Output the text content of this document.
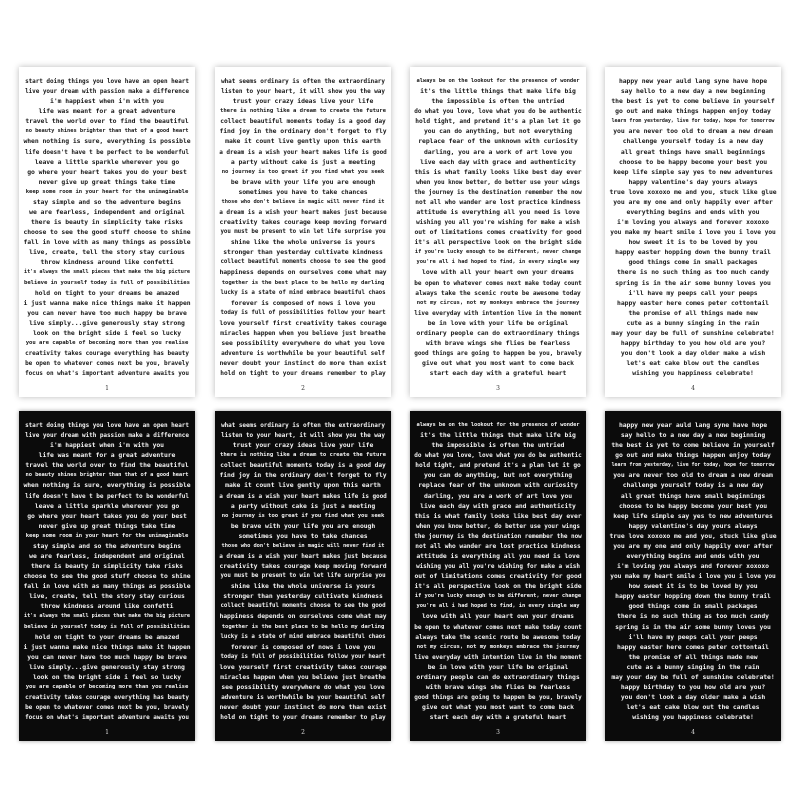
start doing things you love have an open heart
live your dream with passion make a difference
i'm happiest when i'm with you
life was meant for a great adventure
travel the world over to find the beautiful
no beauty shines brighter than that of a good heart
when nothing is sure, everything is possible
life doesn't have t be perfect to be wonderful
leave a little sparkle wherever you go
go where your heart takes you do your best
never give up great things take time
keep some room in your heart for the unimaginable
stay simple and so the adventure begins
we are fearless, independent and original
there is beauty in simplicity take risks
choose to see the good stuff choose to shine
fall in love with as many things as possible
live, create, tell the story stay curious
throw kindness around like confetti
it's always the small pieces that make the big picture
believe in yourself today is full of possibilities
hold on tight to your dreams be amazed
i just wanna make nice things make it happen
you can never have too much happy be brave
live simply...give generously stay strong
look on the bright side i feel so lucky
you are capable of becoming more than you realise
creativity takes courage everything has beauty
be open to whatever comes next be you, bravely
focus on what's important adventure awaits you
1
what seems ordinary is often the extraordinary
listen to your heart, it will show you the way
trust your crazy ideas live your life
there is nothing like a dream to create the future
collect beautiful moments today is a good day
find joy in the ordinary don't forget to fly
make it count live gently upon this earth
a dream is a wish your heart makes life is good
a party without cake is just a meeting
no journey is too great if you find what you seek
be brave with your life you are enough
sometimes you have to take chances
those who don't believe in magic will never find it
a dream is a wish your heart makes just because
creativity takes courage keep moving forward
you must be present to win let life surprise you
shine like the whole universe is yours
stronger than yesterday cultivate kindness
collect beautiful moments choose to see the good
happiness depends on ourselves come what may
together is the best place to be hello my darling
lucky is a state of mind embrace beautiful chaos
forever is composed of nows i love you
today is full of possibilities follow your heart
love yourself first creativity takes courage
miracles happen when you believe just breathe
see possibility everywhere do what you love
adventure is worthwhile be your beautiful self
never doubt your instinct do more than exist
hold on tight to your dreams remember to play
2
always be on the lookout for the presence of wonder
it's the little things that make life big
the impossible is often the untried
do what you love, love what you do be authentic
hold tight, and pretend it's a plan let it go
you can do anything, but not everything
replace fear of the unknown with curiosity
darling, you are a work of art love you
live each day with grace and authenticity
this is what family looks like best day ever
when you know better, do better use your wings
the journey is the destination remember the now
not all who wander are lost practice kindness
attitude is everything all you need is love
wishing you all you're wishing for make a wish
out of limitations comes creativity for good
it's all perspective look on the bright side
if you're lucky enough to be different, never change
you're all i had hoped to find, in every single way
love with all your heart own your dreams
be open to whatever comes next make today count
always take the scenic route be awesome today
not my circus, not my monkeys embrace the journey
live everyday with intention live in the moment
be in love with your life be original
ordinary people can do extraordinary things
with brave wings she flies be fearless
good things are going to happen be you, bravely
give out what you most want to come back
start each day with a grateful heart
3
happy new year auld lang syne have hope
say hello to a new day a new beginning
the best is yet to come believe in yourself
go out and make things happen enjoy today
learn from yesterday, live for today, hope for tomorrow
you are never too old to dream a new dream
challenge yourself today is a new day
all great things have small beginnings
choose to be happy become your best you
keep life simple say yes to new adventures
happy valentine's day yours always
true love xoxoxo me and you, stuck like glue
you are my one and only happily ever after
everything begins and ends with you
i'm loving you always and forever xoxoxo
you make my heart smile i love you i love you
how sweet it is to be loved by you
happy easter hopping down the bunny trail
good things come in small packages
there is no such thing as too much candy
spring is in the air some bunny loves you
i'll have my peeps call your peeps
happy easter here comes peter cottontail
the promise of all things made new
cute as a bunny singing in the rain
may your day be full of sunshine celebrate!
happy birthday to you how old are you?
you don't look a day older make a wish
let's eat cake blow out the candles
wishing you happiness celebrate!
4
start doing things you love have an open heart
live your dream with passion make a difference
i'm happiest when i'm with you
life was meant for a great adventure
travel the world over to find the beautiful
no beauty shines brighter than that of a good heart
when nothing is sure, everything is possible
life doesn't have t be perfect to be wonderful
leave a little sparkle wherever you go
go where your heart takes you do your best
never give up great things take time
keep some room in your heart for the unimaginable
stay simple and so the adventure begins
we are fearless, independent and original
there is beauty in simplicity take risks
choose to see the good stuff choose to shine
fall in love with as many things as possible
live, create, tell the story stay curious
throw kindness around like confetti
it's always the small pieces that make the big picture
believe in yourself today is full of possibilities
hold on tight to your dreams be amazed
i just wanna make nice things make it happen
you can never have too much happy be brave
live simply...give generously stay strong
look on the bright side i feel so lucky
you are capable of becoming more than you realise
creativity takes courage everything has beauty
be open to whatever comes next be you, bravely
focus on what's important adventure awaits you
1
what seems ordinary is often the extraordinary
listen to your heart, it will show you the way
trust your crazy ideas live your life
there is nothing like a dream to create the future
collect beautiful moments today is a good day
find joy in the ordinary don't forget to fly
make it count live gently upon this earth
a dream is a wish your heart makes life is good
a party without cake is just a meeting
no journey is too great if you find what you seek
be brave with your life you are enough
sometimes you have to take chances
those who don't believe in magic will never find it
a dream is a wish your heart makes just because
creativity takes courage keep moving forward
you must be present to win let life surprise you
shine like the whole universe is yours
stronger than yesterday cultivate kindness
collect beautiful moments choose to see the good
happiness depends on ourselves come what may
together is the best place to be hello my darling
lucky is a state of mind embrace beautiful chaos
forever is composed of nows i love you
today is full of possibilities follow your heart
love yourself first creativity takes courage
miracles happen when you believe just breathe
see possibility everywhere do what you love
adventure is worthwhile be your beautiful self
never doubt your instinct do more than exist
hold on tight to your dreams remember to play
2
always be on the lookout for the presence of wonder
it's the little things that make life big
the impossible is often the untried
do what you love, love what you do be authentic
hold tight, and pretend it's a plan let it go
you can do anything, but not everything
replace fear of the unknown with curiosity
darling, you are a work of art love you
live each day with grace and authenticity
this is what family looks like best day ever
when you know better, do better use your wings
the journey is the destination remember the now
not all who wander are lost practice kindness
attitude is everything all you need is love
wishing you all you're wishing for make a wish
out of limitations comes creativity for good
it's all perspective look on the bright side
if you're lucky enough to be different, never change
you're all i had hoped to find, in every single way
love with all your heart own your dreams
be open to whatever comes next make today count
always take the scenic route be awesome today
not my circus, not my monkeys embrace the journey
live everyday with intention live in the moment
be in love with your life be original
ordinary people can do extraordinary things
with brave wings she flies be fearless
good things are going to happen be you, bravely
give out what you most want to come back
start each day with a grateful heart
3
happy new year auld lang syne have hope
say hello to a new day a new beginning
the best is yet to come believe in yourself
go out and make things happen enjoy today
learn from yesterday, live for today, hope for tomorrow
you are never too old to dream a new dream
challenge yourself today is a new day
all great things have small beginnings
choose to be happy become your best you
keep life simple say yes to new adventures
happy valentine's day yours always
true love xoxoxo me and you, stuck like glue
you are my one and only happily ever after
everything begins and ends with you
i'm loving you always and forever xoxoxo
you make my heart smile i love you i love you
how sweet it is to be loved by you
happy easter hopping down the bunny trail
good things come in small packages
there is no such thing as too much candy
spring is in the air some bunny loves you
i'll have my peeps call your peeps
happy easter here comes peter cottontail
the promise of all things made new
cute as a bunny singing in the rain
may your day be full of sunshine celebrate!
happy birthday to you how old are you?
you don't look a day older make a wish
let's eat cake blow out the candles
wishing you happiness celebrate!
4
